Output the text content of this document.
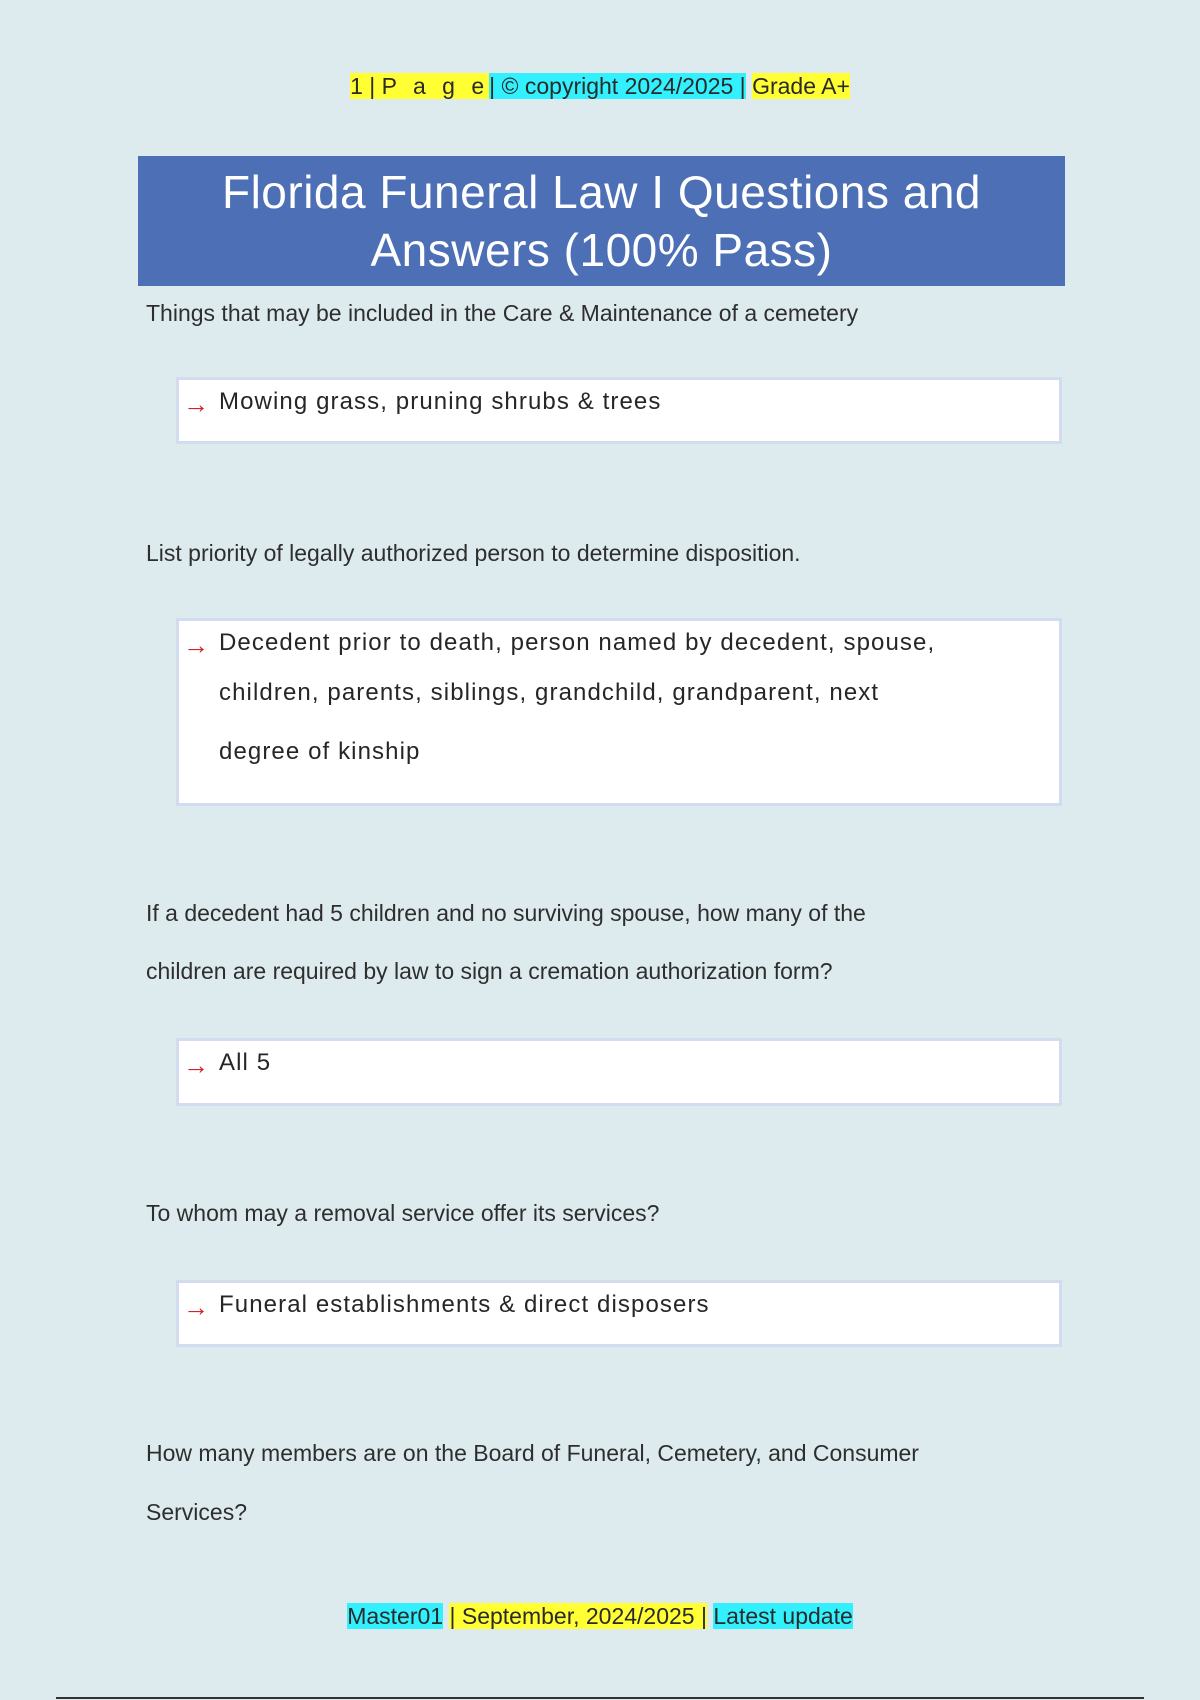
1 | P a g e| © copyright 2024/2025 | Grade A+
Florida Funeral Law I Questions and Answers (100% Pass)
Things that may be included in the Care & Maintenance of a cemetery
→ Mowing grass, pruning shrubs & trees
List priority of legally authorized person to determine disposition.
→ Decedent prior to death, person named by decedent, spouse,
children, parents, siblings, grandchild, grandparent, next
degree of kinship
If a decedent had 5 children and no surviving spouse, how many of the
children are required by law to sign a cremation authorization form?
→ All 5
To whom may a removal service offer its services?
→ Funeral establishments & direct disposers
How many members are on the Board of Funeral, Cemetery, and Consumer
Services?
Master01 | September, 2024/2025 | Latest update
